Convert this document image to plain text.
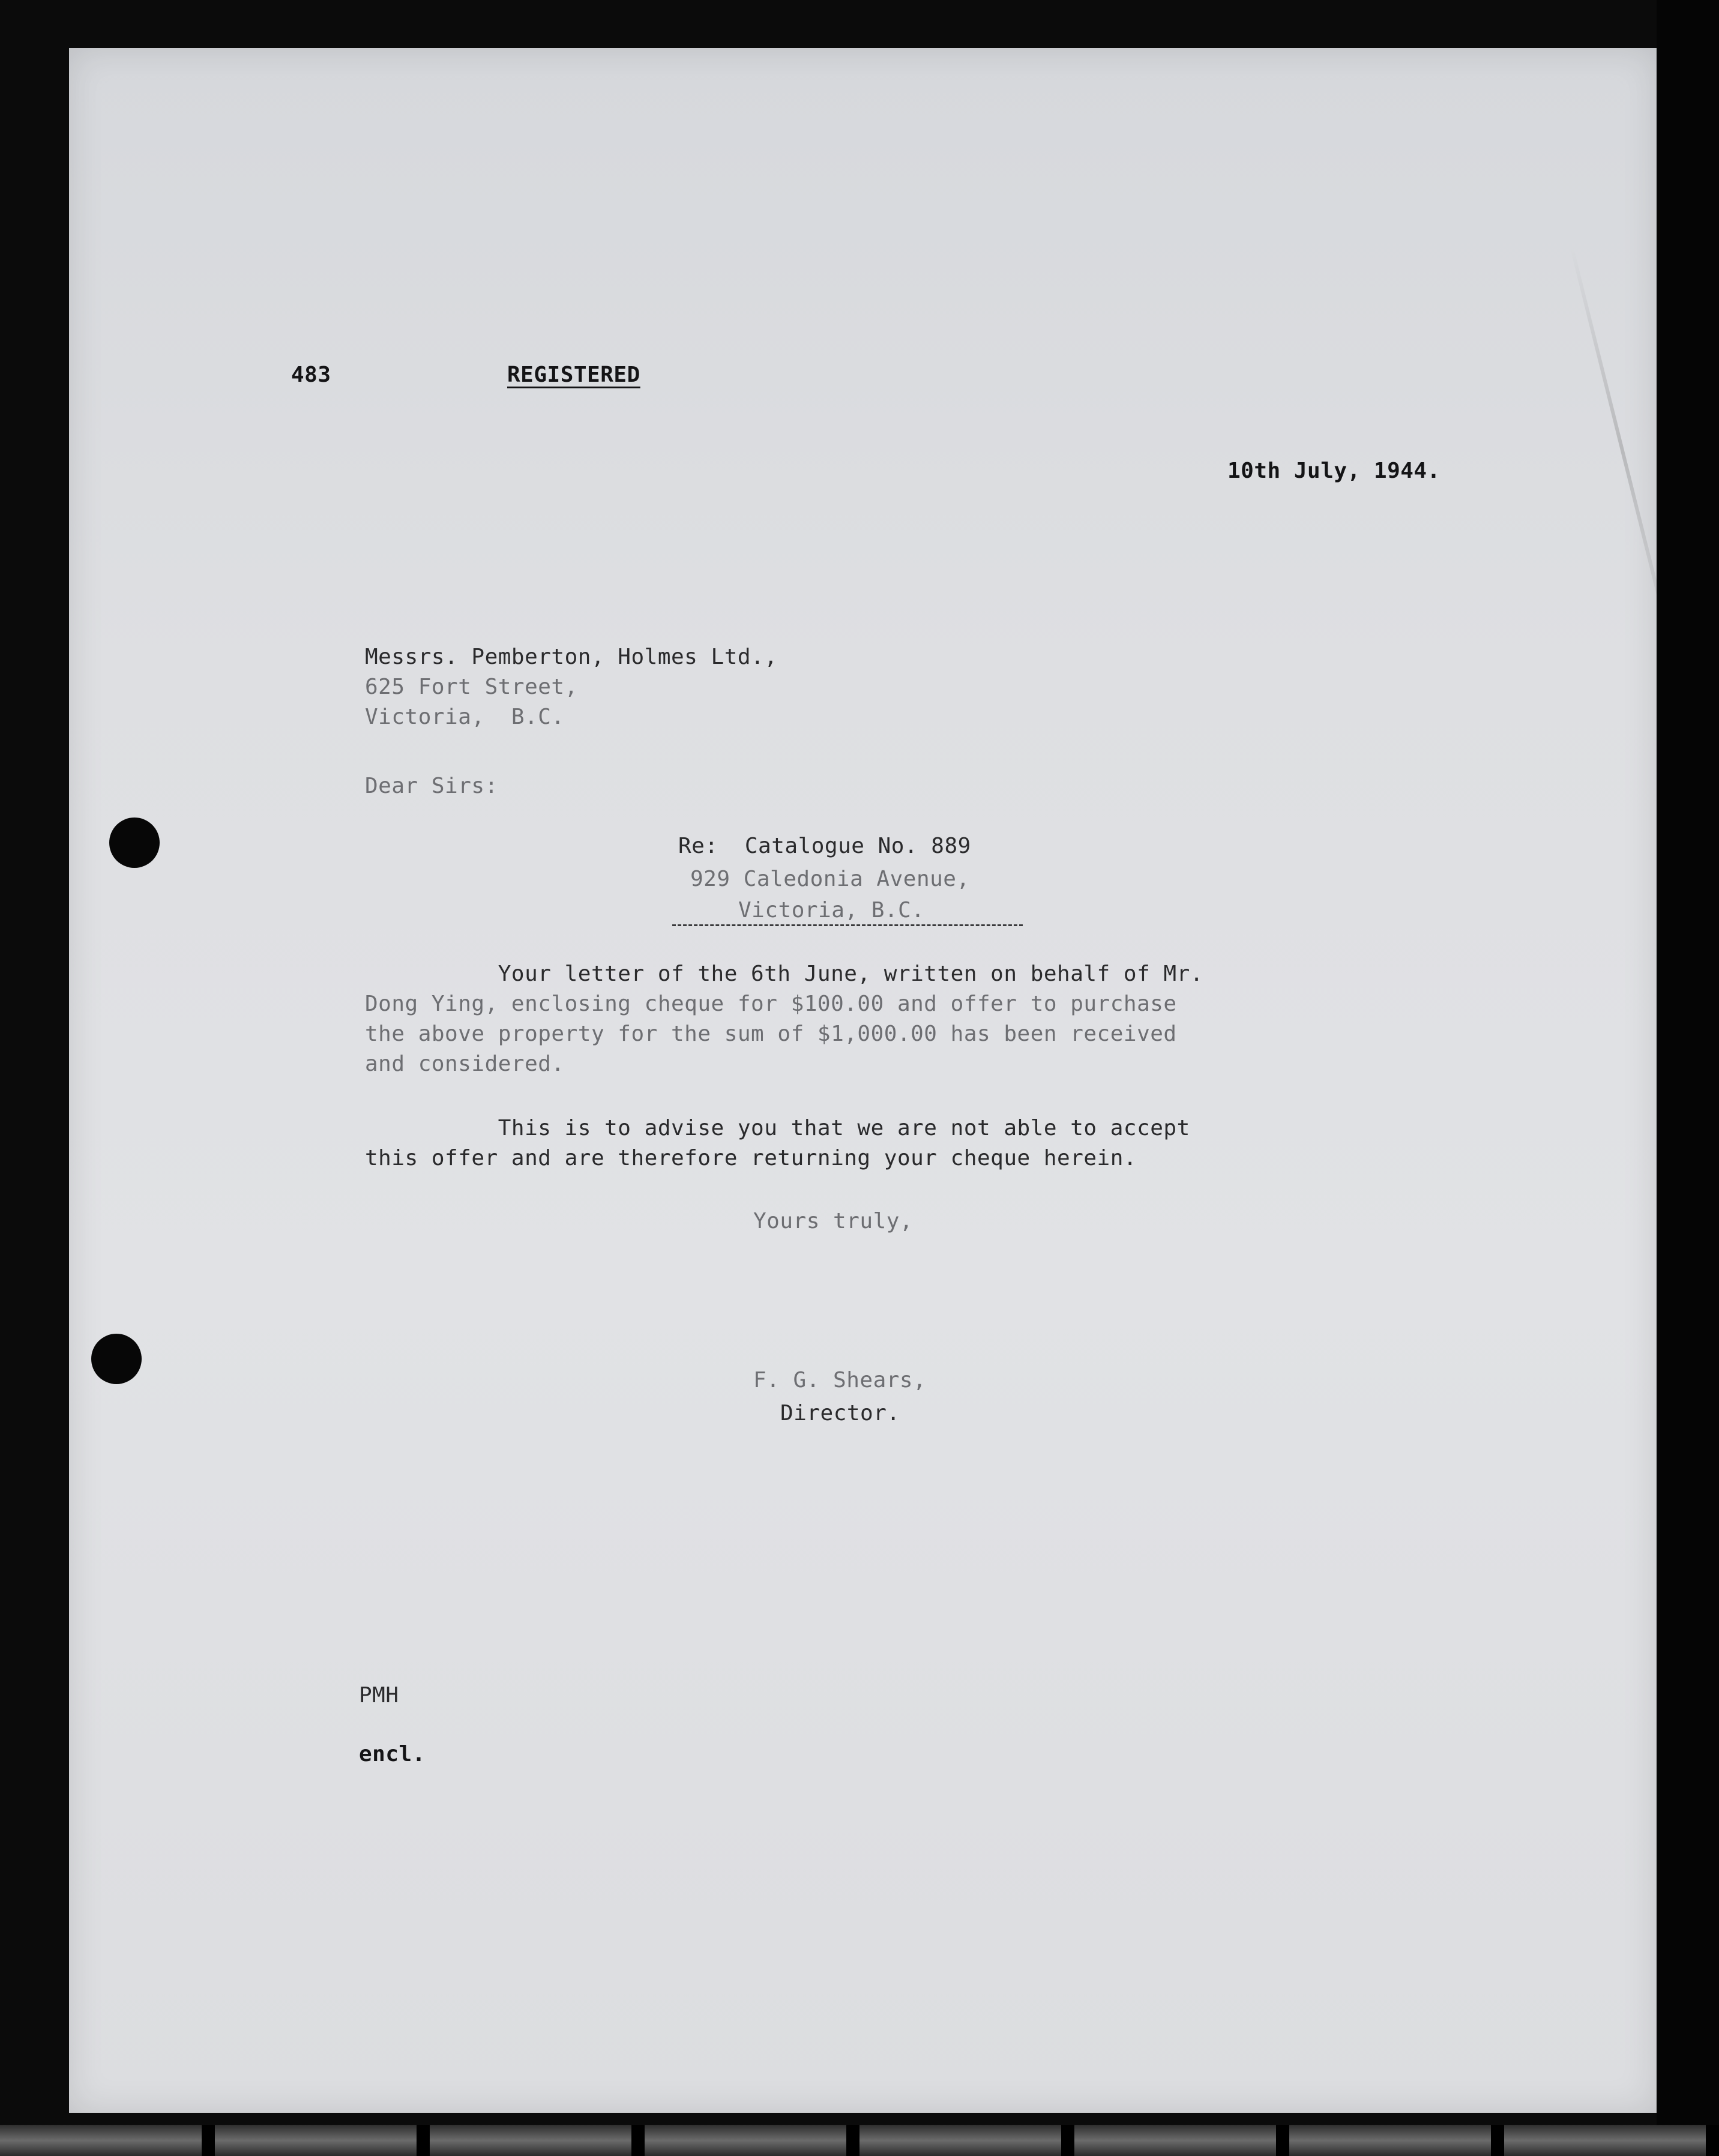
483	REGISTERED
10th July, 1944.
Messrs. Pemberton, Holmes Ltd.,
625 Fort Street,
Victoria,  B.C.
Dear Sirs:
Re:  Catalogue No. 889
929 Caledonia Avenue,
Victoria, B.C.
Your letter of the 6th June, written on behalf of Mr.
Dong Ying, enclosing cheque for $100.00 and offer to purchase
the above property for the sum of $1,000.00 has been received
and considered.
This is to advise you that we are not able to accept
this offer and are therefore returning your cheque herein.
Yours truly,
F. G. Shears,
Director.
PMH
encl.
